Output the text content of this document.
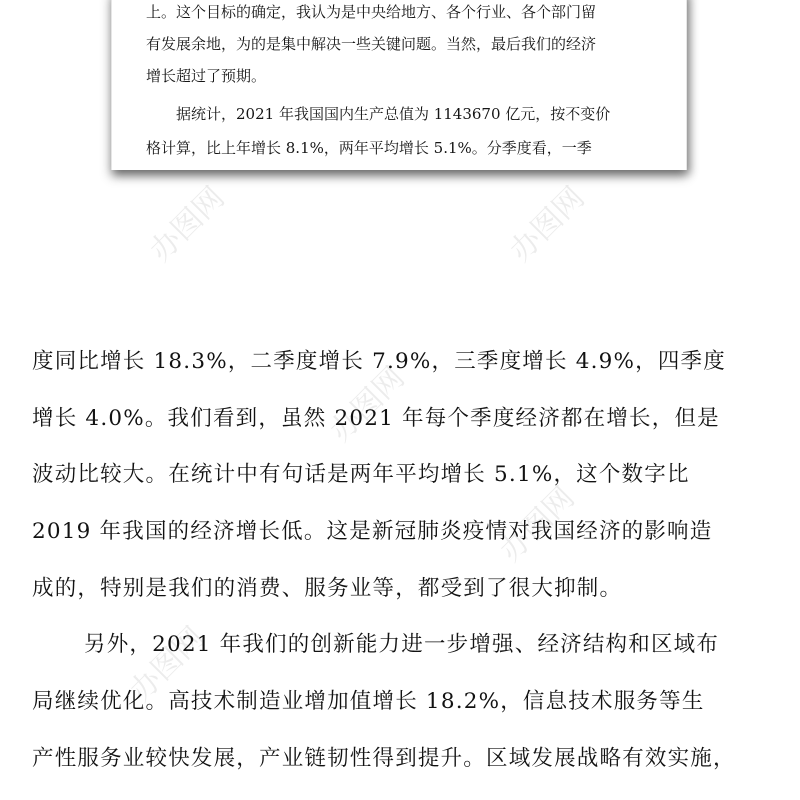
上。这个目标的确定，我认为是中央给地方、各个行业、各个部门留
有发展余地，为的是集中解决一些关键问题。当然，最后我们的经济
增长超过了预期。
据统计，2021 年我国国内生产总值为 1143670 亿元，按不变价
格计算，比上年增长 8.1%，两年平均增长 5.1%。分季度看，一季
办图网	办图网
办图网
办图网
办图网
度同比增长 18.3%，二季度增长 7.9%，三季度增长 4.9%，四季度
增长 4.0%。我们看到，虽然 2021 年每个季度经济都在增长，但是
波动比较大。在统计中有句话是两年平均增长 5.1%，这个数字比
2019 年我国的经济增长低。这是新冠肺炎疫情对我国经济的影响造
成的，特别是我们的消费、服务业等，都受到了很大抑制。
另外，2021 年我们的创新能力进一步增强、经济结构和区域布
局继续优化。高技术制造业增加值增长 18.2%，信息技术服务等生
产性服务业较快发展，产业链韧性得到提升。区域发展战略有效实施，
